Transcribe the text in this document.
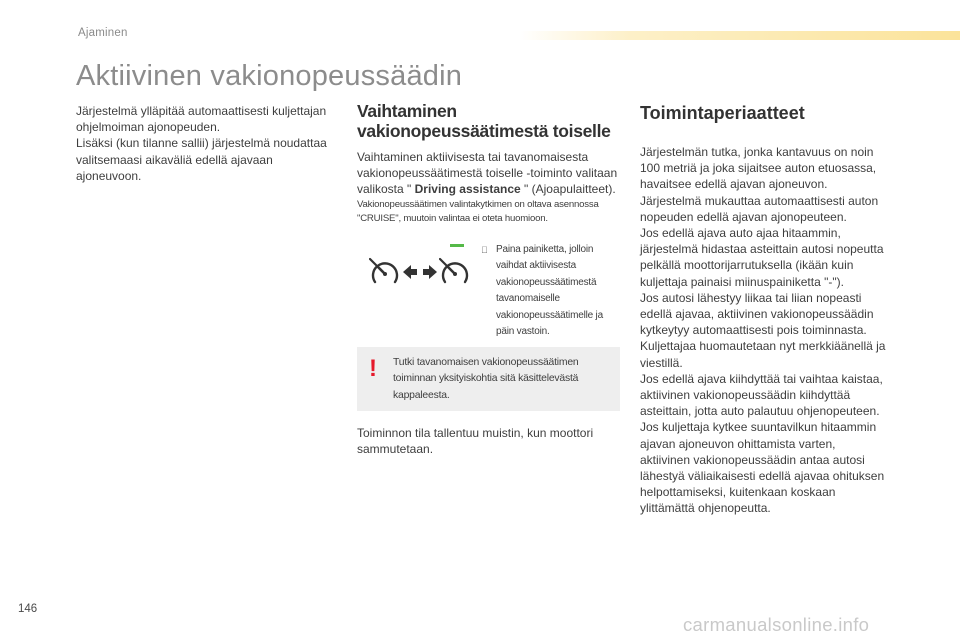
Ajaminen
Aktiivinen vakionopeussäädin

Järjestelmä ylläpitää automaattisesti kuljettajan ohjelmoiman ajonopeuden.

Lisäksi (kun tilanne sallii) järjestelmä noudattaa valitsemaasi aikaväliä edellä ajavaan ajoneuvoon.

Vaihtaminen
vakionopeussäätimestä toiselle

Vaihtaminen aktiivisesta tai tavanomaisesta vakionopeussäätimestä toiselle -toiminto valitaan valikosta " Driving assistance " (Ajoapulaitteet).

Vakionopeussäätimen valintakytkimen on oltava asennossa "CRUISE", muutoin valintaa ei oteta huomioon.

Paina painiketta, jolloin vaihdat aktiivisesta vakionopeussäätimestä tavanomaiselle vakionopeussäätimelle ja päin vastoin.
! Tutki tavanomaisen vakionopeussäätimen toiminnan yksityiskohtia sitä käsittelevästä kappaleesta.

Toiminnon tila tallentuu muistin, kun moottori sammutetaan.

Toimintaperiaatteet
Järjestelmän tutka, jonka kantavuus on noin
100 metriä ja joka sijaitsee auton etuosassa,
havaitsee edellä ajavan ajoneuvon.
Järjestelmä mukauttaa automaattisesti auton
nopeuden edellä ajavan ajonopeuteen.
Jos edellä ajava auto ajaa hitaammin,
järjestelmä hidastaa asteittain autosi nopeutta
pelkällä moottorijarrutuksella (ikään kuin
kuljettaja painaisi miinuspainiketta "-").
Jos autosi lähestyy liikaa tai liian nopeasti
edellä ajavaa, aktiivinen vakionopeussäädin
kytkeytyy automaattisesti pois toiminnasta.
Kuljettajaa huomautetaan nyt merkkiäänellä ja
viestillä.
Jos edellä ajava kiihdyttää tai vaihtaa kaistaa,
aktiivinen vakionopeussäädin kiihdyttää
asteittain, jotta auto palautuu ohjenopeuteen.
Jos kuljettaja kytkee suuntavilkun hitaammin
ajavan ajoneuvon ohittamista varten,
aktiivinen vakionopeussäädin antaa autosi
lähestyä väliaikaisesti edellä ajavaa ohituksen
helpottamiseksi, kuitenkaan koskaan
ylittämättä ohjenopeutta.
146
carmanualsonline.info
